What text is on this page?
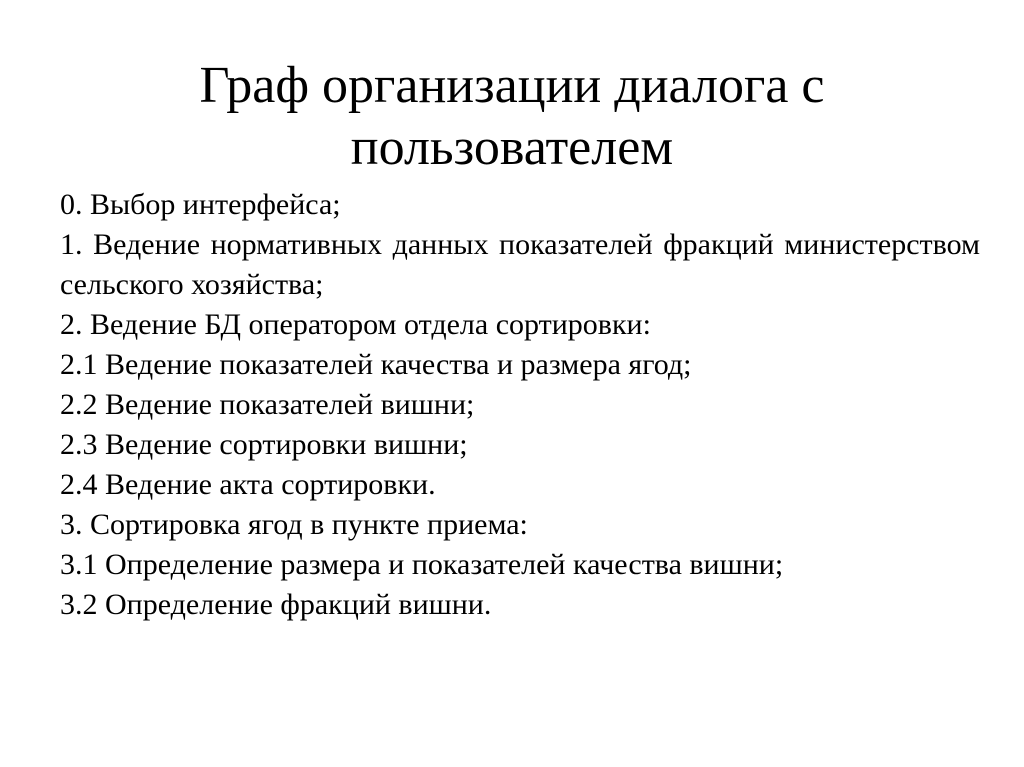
Граф организации диалога с пользователем
0. Выбор интерфейса;
1. Ведение нормативных данных показателей фракций министерством сельского хозяйства;
2. Ведение БД оператором отдела сортировки:
2.1 Ведение показателей качества и размера ягод;
2.2 Ведение показателей вишни;
2.3 Ведение сортировки вишни;
2.4 Ведение акта сортировки.
3. Сортировка ягод в пункте приема:
3.1 Определение размера и показателей качества вишни;
3.2 Определение фракций вишни.
